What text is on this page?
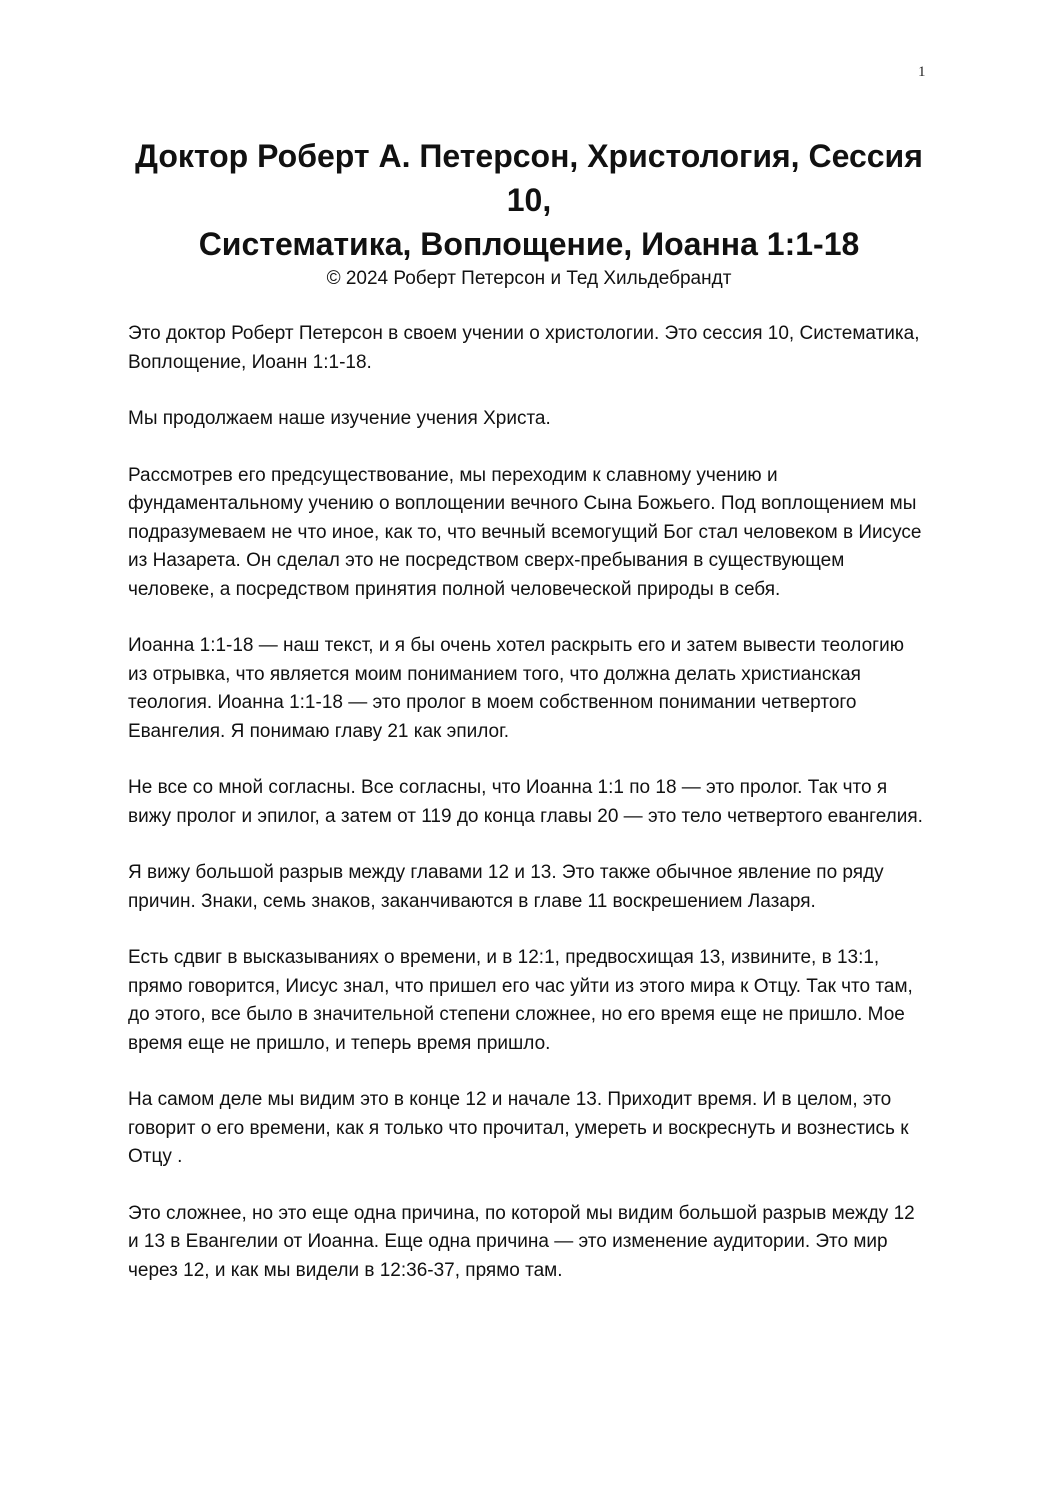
1
Доктор Роберт А. Петерсон, Христология, Сессия 10,
Систематика, Воплощение, Иоанна 1:1-18

© 2024 Роберт Петерсон и Тед Хильдебрандт

Это доктор Роберт Петерсон в своем учении о христологии. Это сессия 10, Систематика, Воплощение, Иоанн 1:1-18.

Мы продолжаем наше изучение учения Христа.

Рассмотрев его предсуществование, мы переходим к славному учению и фундаментальному учению о воплощении вечного Сына Божьего. Под воплощением мы подразумеваем не что иное, как то, что вечный всемогущий Бог стал человеком в Иисусе из Назарета. Он сделал это не посредством сверх-пребывания в существующем человеке, а посредством принятия полной человеческой природы в себя.

Иоанна 1:1-18 — наш текст, и я бы очень хотел раскрыть его и затем вывести теологию из отрывка, что является моим пониманием того, что должна делать христианская теология. Иоанна 1:1-18 — это пролог в моем собственном понимании четвертого Евангелия. Я понимаю главу 21 как эпилог.

Не все со мной согласны. Все согласны, что Иоанна 1:1 по 18 — это пролог. Так что я вижу пролог и эпилог, а затем от 119 до конца главы 20 — это тело четвертого евангелия.

Я вижу большой разрыв между главами 12 и 13. Это также обычное явление по ряду причин. Знаки, семь знаков, заканчиваются в главе 11 воскрешением Лазаря.

Есть сдвиг в высказываниях о времени, и в 12:1, предвосхищая 13, извините, в 13:1, прямо говорится, Иисус знал, что пришел его час уйти из этого мира к Отцу. Так что там, до этого, все было в значительной степени сложнее, но его время еще не пришло. Мое время еще не пришло, и теперь время пришло.

На самом деле мы видим это в конце 12 и начале 13. Приходит время. И в целом, это говорит о его времени, как я только что прочитал, умереть и воскреснуть и вознестись к Отцу .

Это сложнее, но это еще одна причина, по которой мы видим большой разрыв между 12 и 13 в Евангелии от Иоанна. Еще одна причина — это изменение аудитории. Это мир через 12, и как мы видели в 12:36-37, прямо там.
